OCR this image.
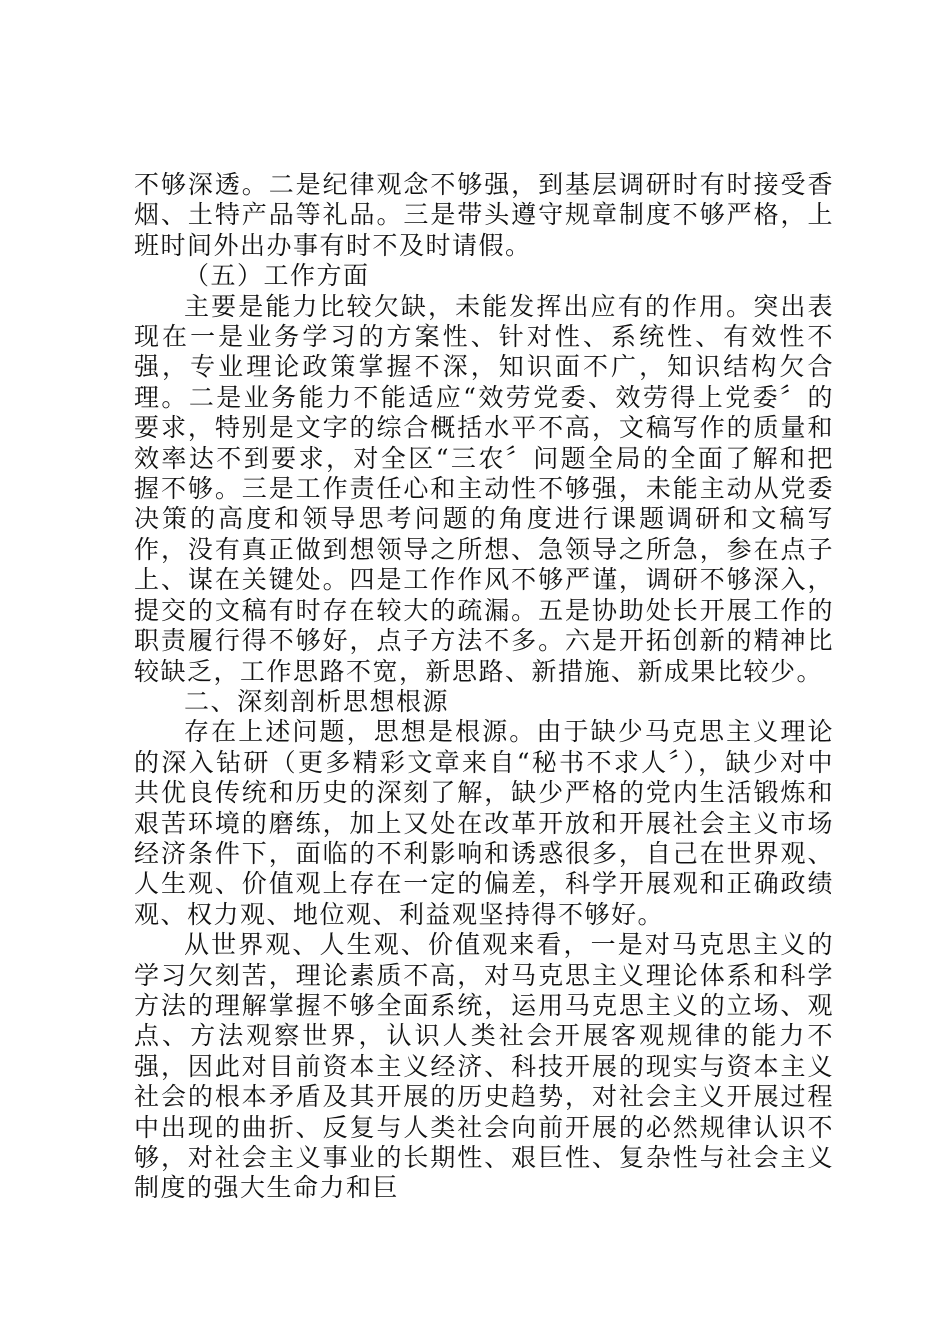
不够深透。二是纪律观念不够强，到基层调研时有时接受香烟、土特产品等礼品。三是带头遵守规章制度不够严格，上班时间外出办事有时不及时请假。

（五）工作方面

主要是能力比较欠缺，未能发挥出应有的作用。突出表现在一是业务学习的方案性、针对性、系统性、有效性不强，专业理论政策掌握不深，知识面不广，知识结构欠合理。二是业务能力不能适应“效劳党委、效劳得上党委〞的要求，特别是文字的综合概括水平不高，文稿写作的质量和效率达不到要求，对全区“三农〞问题全局的全面了解和把握不够。三是工作责任心和主动性不够强，未能主动从党委决策的高度和领导思考问题的角度进行课题调研和文稿写作，没有真正做到想领导之所想、急领导之所急，参在点子上、谋在关键处。四是工作作风不够严谨，调研不够深入，提交的文稿有时存在较大的疏漏。五是协助处长开展工作的职责履行得不够好，点子方法不多。六是开拓创新的精神比较缺乏，工作思路不宽，新思路、新措施、新成果比较少。

二、深刻剖析思想根源

存在上述问题，思想是根源。由于缺少马克思主义理论的深入钻研（更多精彩文章来自“秘书不求人〞），缺少对中共优良传统和历史的深刻了解，缺少严格的党内生活锻炼和艰苦环境的磨练，加上又处在改革开放和开展社会主义市场经济条件下，面临的不利影响和诱惑很多，自己在世界观、人生观、价值观上存在一定的偏差，科学开展观和正确政绩观、权力观、地位观、利益观坚持得不够好。

从世界观、人生观、价值观来看，一是对马克思主义的学习欠刻苦，理论素质不高，对马克思主义理论体系和科学方法的理解掌握不够全面系统，运用马克思主义的立场、观点、方法观察世界，认识人类社会开展客观规律的能力不强，因此对目前资本主义经济、科技开展的现实与资本主义社会的根本矛盾及其开展的历史趋势，对社会主义开展过程中出现的曲折、反复与人类社会向前开展的必然规律认识不够，对社会主义事业的长期性、艰巨性、复杂性与社会主义制度的强大生命力和巨
